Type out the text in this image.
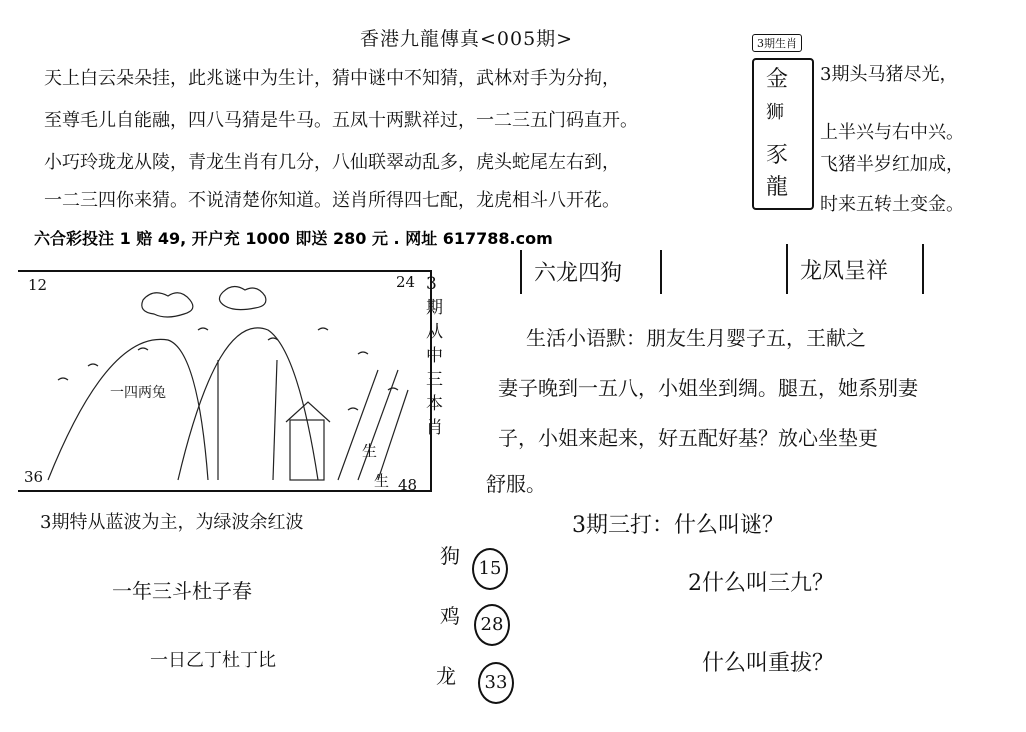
香港九龍傳真<005期>
天上白云朵朵挂，此兆谜中为生计，猜中谜中不知猜，武林对手为分拘，
至尊毛儿自能融，四八马猜是牛马。五凤十两默祥过，一二三五门码直开。
小巧玲珑龙从陵，青龙生肖有几分，八仙联翠动乱多，虎头蛇尾左右到，
一二三四你来猜。不说清楚你知道。送肖所得四七配，龙虎相斗八开花。
3期生肖
金
狮
豕
龍
3期头马猪尽光，
上半兴与右中兴。
飞猪半岁红加成，
时来五转土变金。
六合彩投注 1 赔 49, 开户充 1000 即送 280 元 . 网址 617788.com
12	24
36	48
一四两兔
3期从中三本肖
生
生
3期特从蓝波为主，为绿波余红波
一年三斗杜子春
一日乙丁杜丁比
六龙四狗	龙凤呈祥
生活小语默：朋友生月婴子五，王献之
妻子晚到一五八，小姐坐到绸。腿五，她系别妻
子，小姐来起来，好五配好基？放心坐垫更
舒服。
3期三打：什么叫谜？
2什么叫三九？
什么叫重拔？
狗
鸡
龙
15
28
33
